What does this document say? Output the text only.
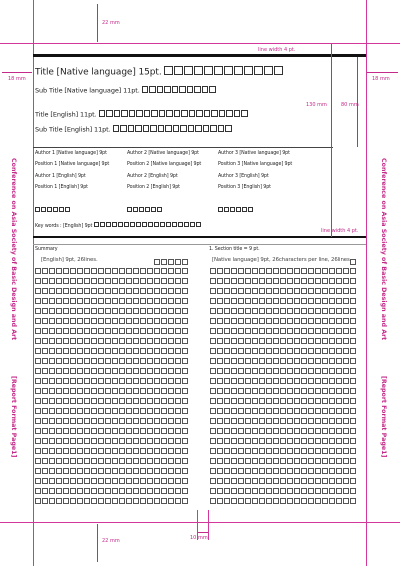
22 mm
22 mm
18 mm	18 mm
130 mm	80 mm
line width 4 pt.
line width 4 pt.
10 mm
Conference on Asia Society of Basic Design and Art
[Report Format Page1]
Conference on Asia Society of Basic Design and Art
[Report Format Page1]
Title [Native language] 15pt.
Sub Title [Native language] 11pt.
Title [English] 11pt.
Sub Title [English] 11pt.
Author 1 [Native language] 9pt
Position 1 [Native language] 9pt
Author 1 [English] 9pt
Position 1 [English] 9pt
Author 2 [Native language] 9pt
Position 2 [Native language] 9pt
Author 2 [English] 9pt
Position 2 [English] 9pt
Author 3 [Native language] 9pt
Position 3 [Native language] 9pt
Author 3 [English] 9pt
Position 3 [English] 9pt
Key words : [English] 9pt
Summary
[English] 9pt, 26lines.
1. Section title = 9 pt.
[Native language] 9pt, 26characters per line, 26lines.
